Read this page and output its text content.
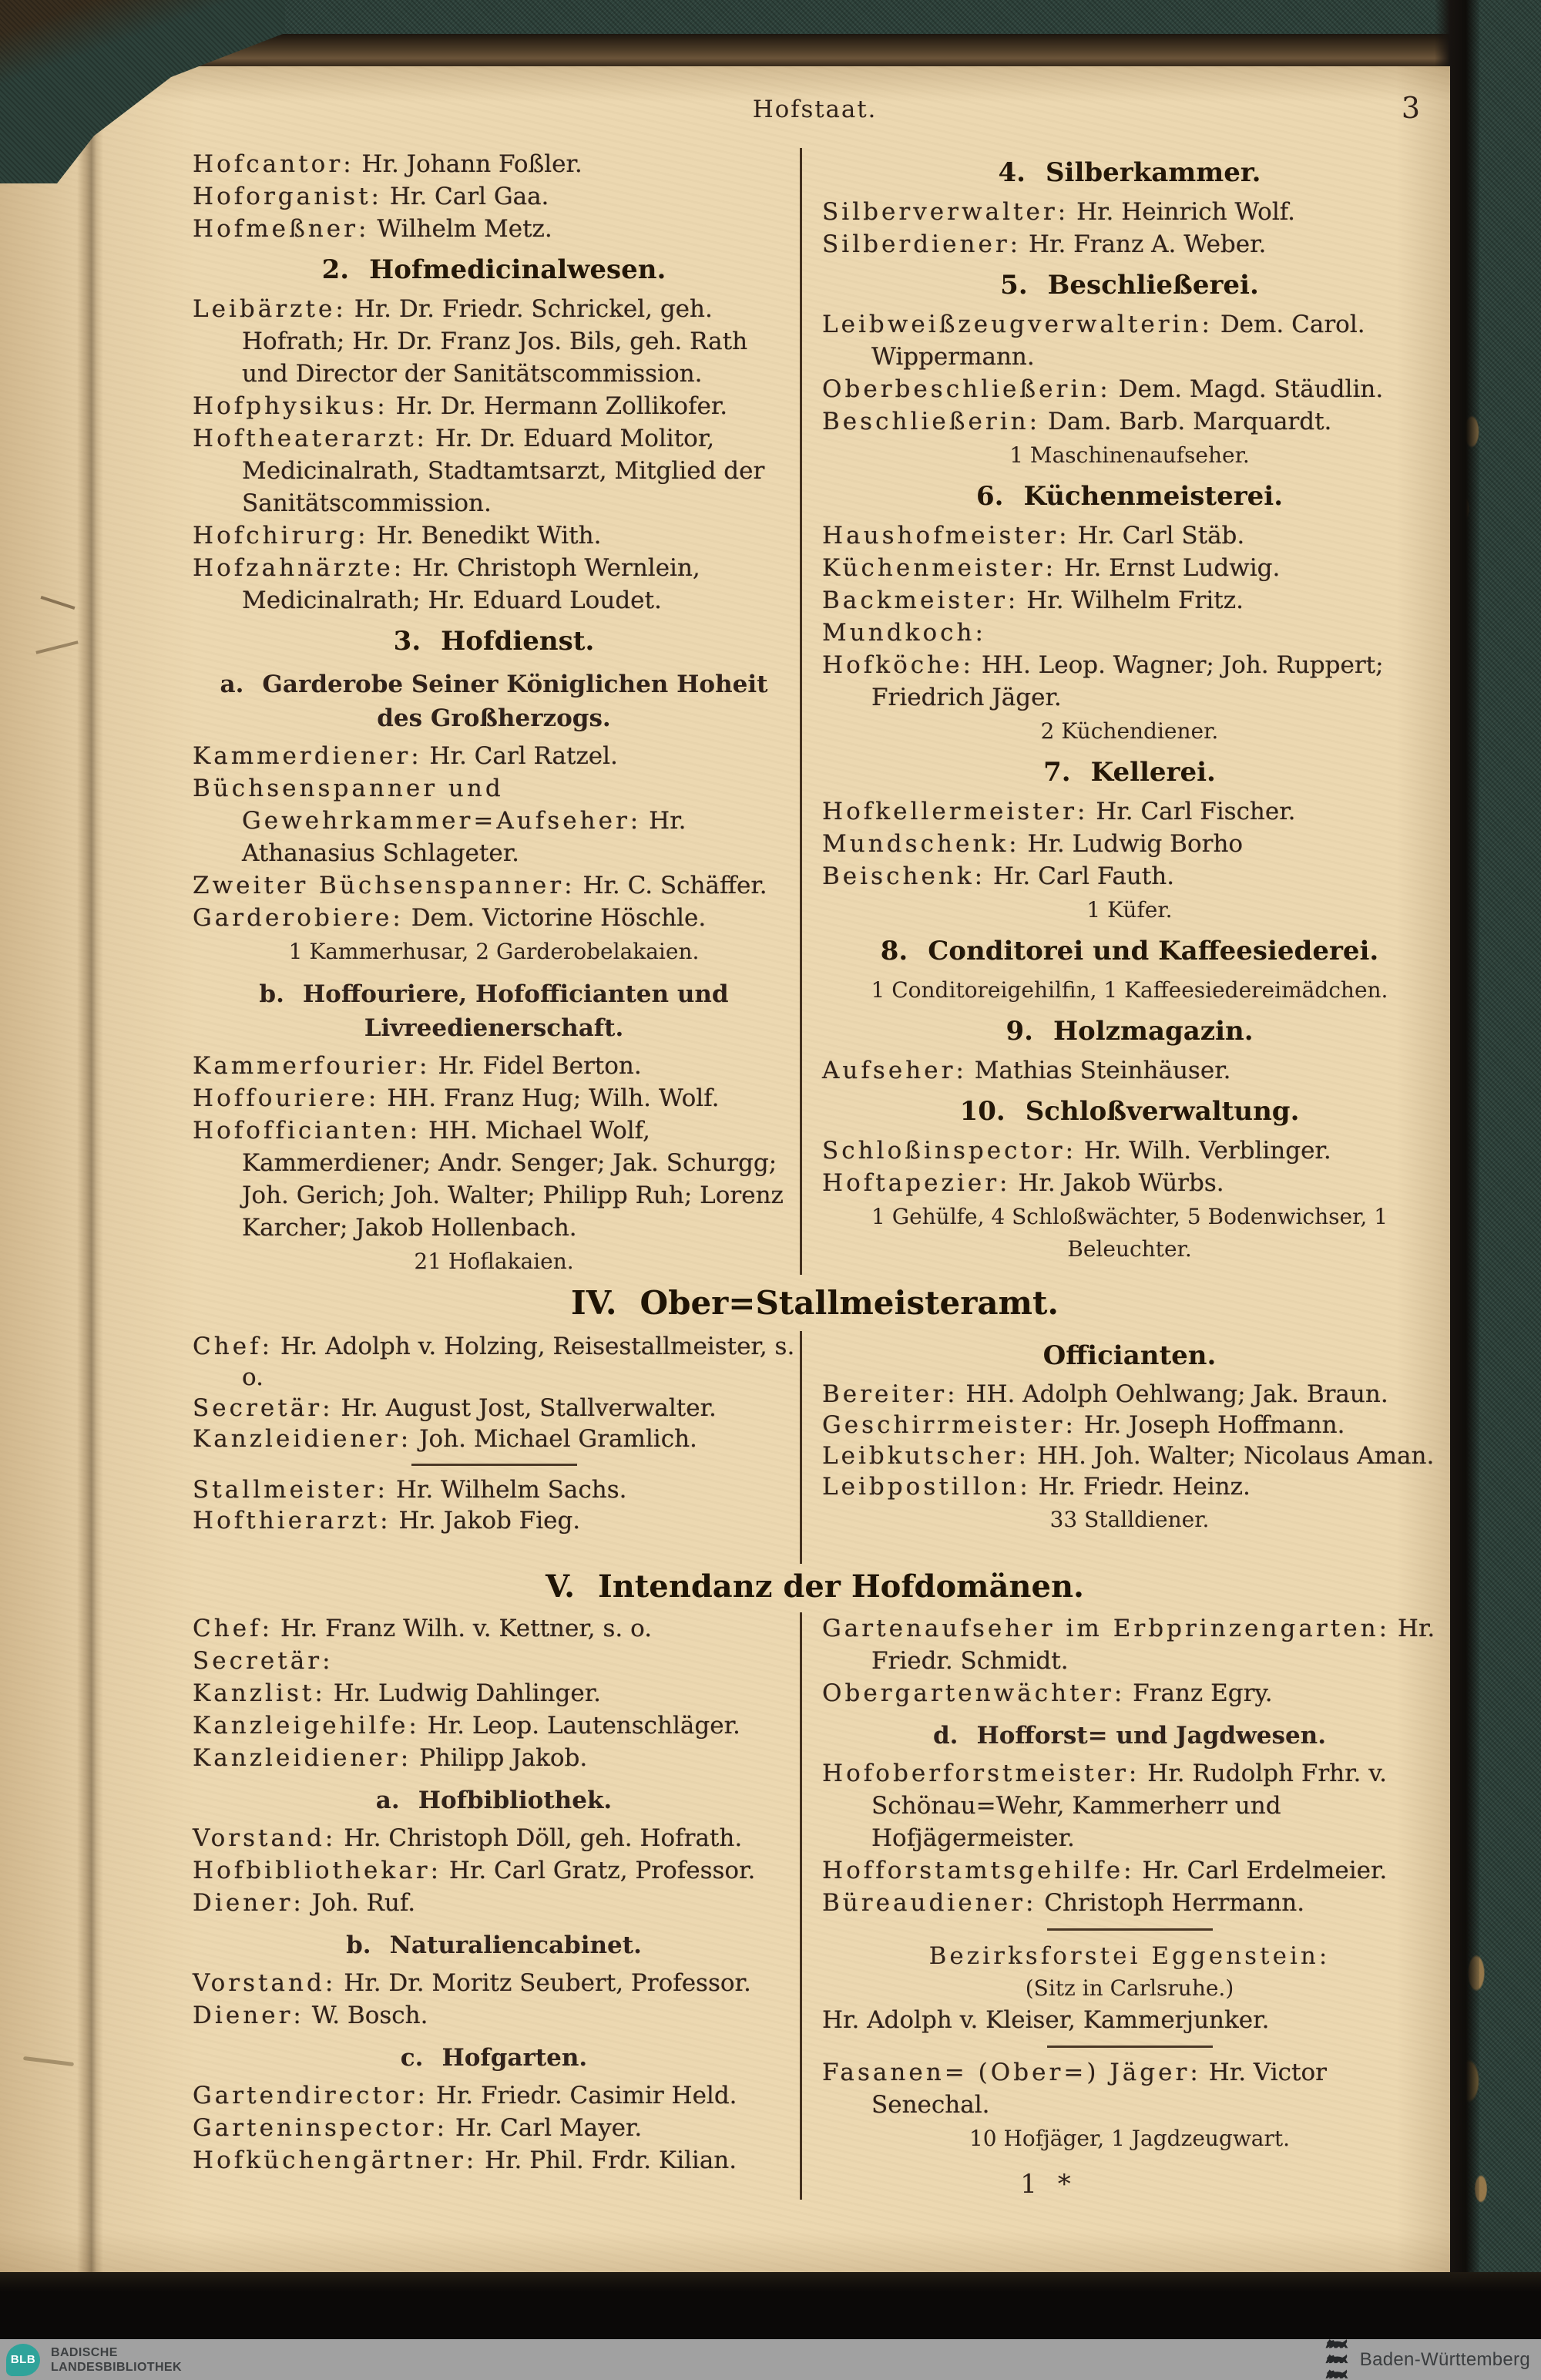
Hofstaat.	3
Hofcantor: Hr. Johann Foßler.
Hoforganist: Hr. Carl Gaa.
Hofmeßner: Wilhelm Metz.
2. Hofmedicinalwesen.
Leibärzte: Hr. Dr. Friedr. Schrickel, geh. Hofrath; Hr. Dr. Franz Jos. Bils, geh. Rath und Director der Sanitätscommission.
Hofphysikus: Hr. Dr. Hermann Zollikofer.
Hoftheaterarzt: Hr. Dr. Eduard Molitor, Medicinalrath, Stadtamtsarzt, Mitglied der Sanitätscommission.
Hofchirurg: Hr. Benedikt With.
Hofzahnärzte: Hr. Christoph Wernlein, Medicinalrath; Hr. Eduard Loudet.
3. Hofdienst.
a. Garderobe Seiner Königlichen Hoheit des Großherzogs.
Kammerdiener: Hr. Carl Ratzel.
Büchsenspanner und Gewehrkammer=Aufseher: Hr. Athanasius Schlageter.
Zweiter Büchsenspanner: Hr. C. Schäffer.
Garderobiere: Dem. Victorine Höschle.
1 Kammerhusar, 2 Garderobelakaien.
b. Hoffouriere, Hofofficianten und Livreedienerschaft.
Kammerfourier: Hr. Fidel Berton.
Hoffouriere: HH. Franz Hug; Wilh. Wolf.
Hofofficianten: HH. Michael Wolf, Kammerdiener; Andr. Senger; Jak. Schurgg; Joh. Gerich; Joh. Walter; Philipp Ruh; Lorenz Karcher; Jakob Hollenbach.
21 Hoflakaien.
4. Silberkammer.
Silberverwalter: Hr. Heinrich Wolf.
Silberdiener: Hr. Franz A. Weber.
5. Beschließerei.
Leibweißzeugverwalterin: Dem. Carol. Wippermann.
Oberbeschließerin: Dem. Magd. Stäudlin.
Beschließerin: Dam. Barb. Marquardt.
1 Maschinenaufseher.
6. Küchenmeisterei.
Haushofmeister: Hr. Carl Stäb.
Küchenmeister: Hr. Ernst Ludwig.
Backmeister: Hr. Wilhelm Fritz.
Mundkoch:
Hofköche: HH. Leop. Wagner; Joh. Ruppert; Friedrich Jäger.
2 Küchendiener.
7. Kellerei.
Hofkellermeister: Hr. Carl Fischer.
Mundschenk: Hr. Ludwig Borho
Beischenk: Hr. Carl Fauth.
1 Küfer.
8. Conditorei und Kaffeesiederei.
1 Conditoreigehilfin, 1 Kaffeesiedereimädchen.
9. Holzmagazin.
Aufseher: Mathias Steinhäuser.
10. Schloßverwaltung.
Schloßinspector: Hr. Wilh. Verblinger.
Hoftapezier: Hr. Jakob Würbs.
1 Gehülfe, 4 Schloßwächter, 5 Bodenwichser, 1 Beleuchter.
IV. Ober=Stallmeisteramt.
Chef: Hr. Adolph v. Holzing, Reisestallmeister, s. o.
Secretär: Hr. August Jost, Stallverwalter.
Kanzleidiener: Joh. Michael Gramlich.
Stallmeister: Hr. Wilhelm Sachs.
Hofthierarzt: Hr. Jakob Fieg.
Officianten.
Bereiter: HH. Adolph Oehlwang; Jak. Braun.
Geschirrmeister: Hr. Joseph Hoffmann.
Leibkutscher: HH. Joh. Walter; Nicolaus Aman.
Leibpostillon: Hr. Friedr. Heinz.
33 Stalldiener.
V. Intendanz der Hofdomänen.
Chef: Hr. Franz Wilh. v. Kettner, s. o.
Secretär:
Kanzlist: Hr. Ludwig Dahlinger.
Kanzleigehilfe: Hr. Leop. Lautenschläger.
Kanzleidiener: Philipp Jakob.
a. Hofbibliothek.
Vorstand: Hr. Christoph Döll, geh. Hofrath.
Hofbibliothekar: Hr. Carl Gratz, Professor.
Diener: Joh. Ruf.
b. Naturaliencabinet.
Vorstand: Hr. Dr. Moritz Seubert, Professor.
Diener: W. Bosch.
c. Hofgarten.
Gartendirector: Hr. Friedr. Casimir Held.
Garteninspector: Hr. Carl Mayer.
Hofküchengärtner: Hr. Phil. Frdr. Kilian.
Gartenaufseher im Erbprinzengarten: Hr. Friedr. Schmidt.
Obergartenwächter: Franz Egry.
d. Hofforst= und Jagdwesen.
Hofoberforstmeister: Hr. Rudolph Frhr. v. Schönau=Wehr, Kammerherr und Hofjägermeister.
Hofforstamtsgehilfe: Hr. Carl Erdelmeier.
Büreaudiener: Christoph Herrmann.
Bezirksforstei Eggenstein:
(Sitz in Carlsruhe.)
Hr. Adolph v. Kleiser, Kammerjunker.
Fasanen= (Ober=) Jäger: Hr. Victor Senechal.
10 Hofjäger, 1 Jagdzeugwart.
1 *
BLB
BADISCHE
LANDESBIBLIOTHEK	Baden-Württemberg
